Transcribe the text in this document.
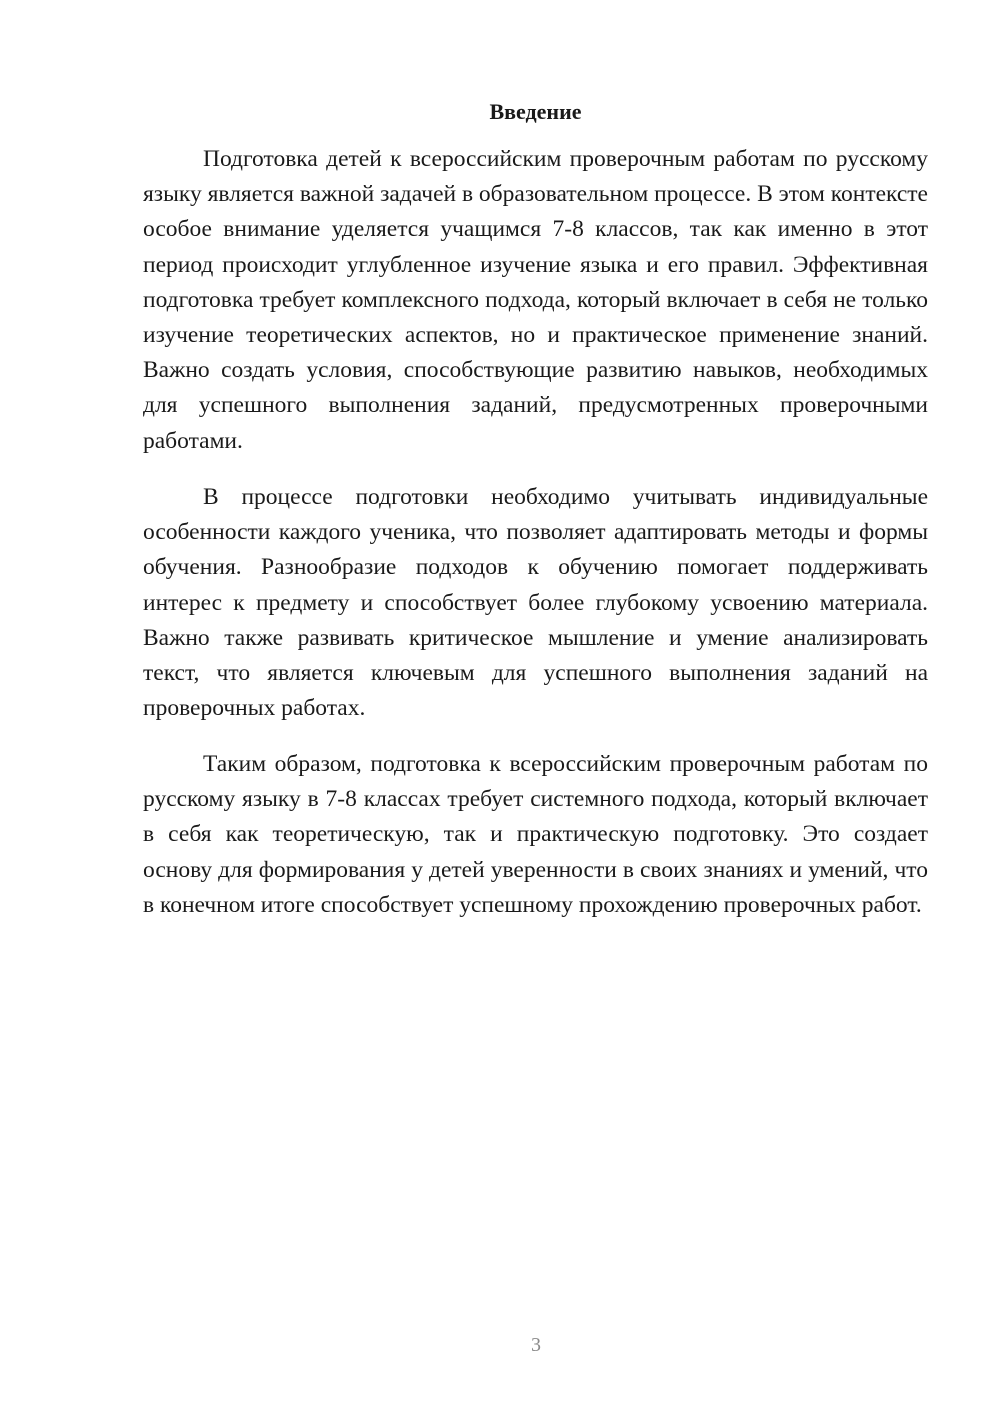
Введение

Подготовка детей к всероссийским проверочным работам по русскому языку является важной задачей в образовательном процессе. В этом контексте особое внимание уделяется учащимся 7-8 классов, так как именно в этот период происходит углубленное изучение языка и его правил. Эффективная подготовка требует комплексного подхода, который включает в себя не только изучение теоретических аспектов, но и практическое применение знаний. Важно создать условия, способствующие развитию навыков, необходимых для успешного выполнения заданий, предусмотренных проверочными работами.

В процессе подготовки необходимо учитывать индивидуальные особенности каждого ученика, что позволяет адаптировать методы и формы обучения. Разнообразие подходов к обучению помогает поддерживать интерес к предмету и способствует более глубокому усвоению материала. Важно также развивать критическое мышление и умение анализировать текст, что является ключевым для успешного выполнения заданий на проверочных работах.

Таким образом, подготовка к всероссийским проверочным работам по русскому языку в 7-8 классах требует системного подхода, который включает в себя как теоретическую, так и практическую подготовку. Это создает основу для формирования у детей уверенности в своих знаниях и умений, что в конечном итоге способствует успешному прохождению проверочных работ.

3
